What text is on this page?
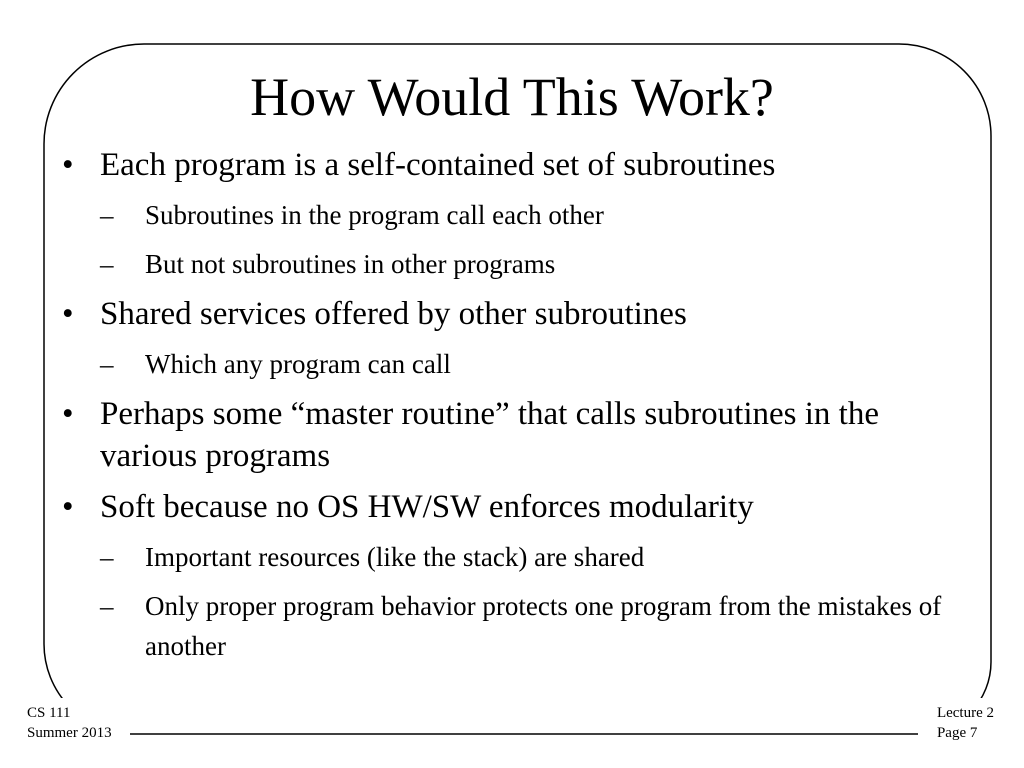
How Would This Work?
• Each program is a self-contained set of subroutines
– Subroutines in the program call each other
– But not subroutines in other programs
• Shared services offered by other subroutines
– Which any program can call
• Perhaps some “master routine” that calls subroutines in the various programs
• Soft because no OS HW/SW enforces modularity
– Important resources (like the stack) are shared
– Only proper program behavior protects one program from the mistakes of another
CS 111
Summer 2013
Lecture 2
Page 7
